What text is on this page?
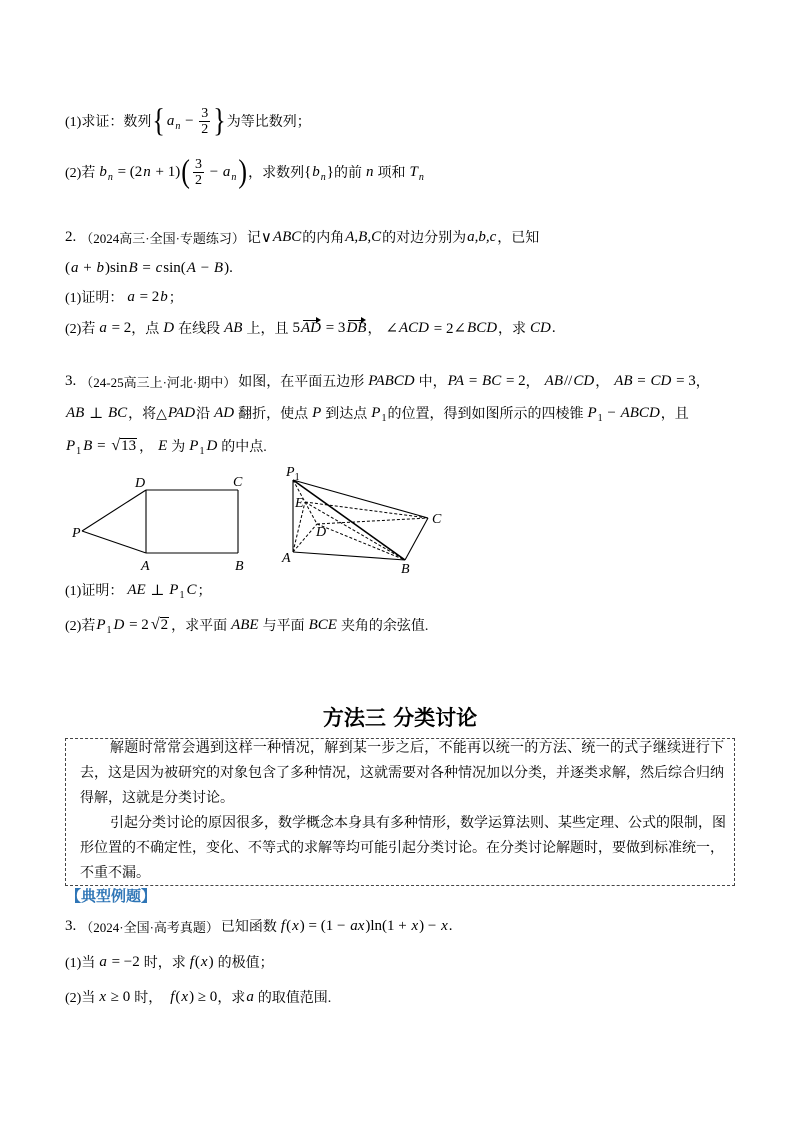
(1)求证：数列 { a $n - \frac{3}{2}$ } 为等比数列；
(2)若 b n = (2 n + 1) ( $\frac{3}{2} - a$ n ) ，求数列 { b n } 的前 n 项和 T n
2. （2024高三·全国·专题练习） 记 ∨ ABC 的内角 A,B,C 的对边分别为 a,b,c ，已知
( a + b )sin B = c sin( A − B ) .
(1)证明： a = 2 b ；
(2)若 a = 2 ，点 D 在线段 AB 上，且 5 AD = 3 DB ， ∠ ACD = 2∠ BCD ，求 CD .
3. （24-25高三上·河北·期中） 如图，在平面五边形 PABCD 中， PA = BC = 2 ， AB // CD ， AB = CD = 3 ，
AB ⊥ BC ，将△ PAD 沿 AD 翻折，使点 P 到达点 P 1 的位置，得到如图所示的四棱锥 P 1 − ABCD ，且
P 1 B = √ 13 ， E 为 P 1 D 的中点.
D	C
P
A	B
$P_1$
E
D
A
B
C
(1)证明： AE ⊥ P 1 C ；
(2)若 P 1 D = 2 √ 2 ，求平面 ABE 与平面 BCE 夹角的余弦值.
方法三 分类讨论
解题时常常会遇到这样一种情况，解到某一步之后，不能再以统一的方法、统一的式子继续进行下
去，这是因为被研究的对象包含了多种情况，这就需要对各种情况加以分类，并逐类求解，然后综合归纳
得解，这就是分类讨论。
引起分类讨论的原因很多，数学概念本身具有多种情形，数学运算法则、某些定理、公式的限制，图
形位置的不确定性，变化、不等式的求解等均可能引起分类讨论。在分类讨论解题时，要做到标准统一，
不重不漏。
【典型例题】
3. （2024·全国·高考真题） 已知函数 f ( x ) = (1 − ax )ln(1 + x ) − x .
(1)当 a = −2 时，求 f ( x ) 的极值；
(2)当 x ≥ 0 时， f ( x ) ≥ 0 ，求 a 的取值范围.
